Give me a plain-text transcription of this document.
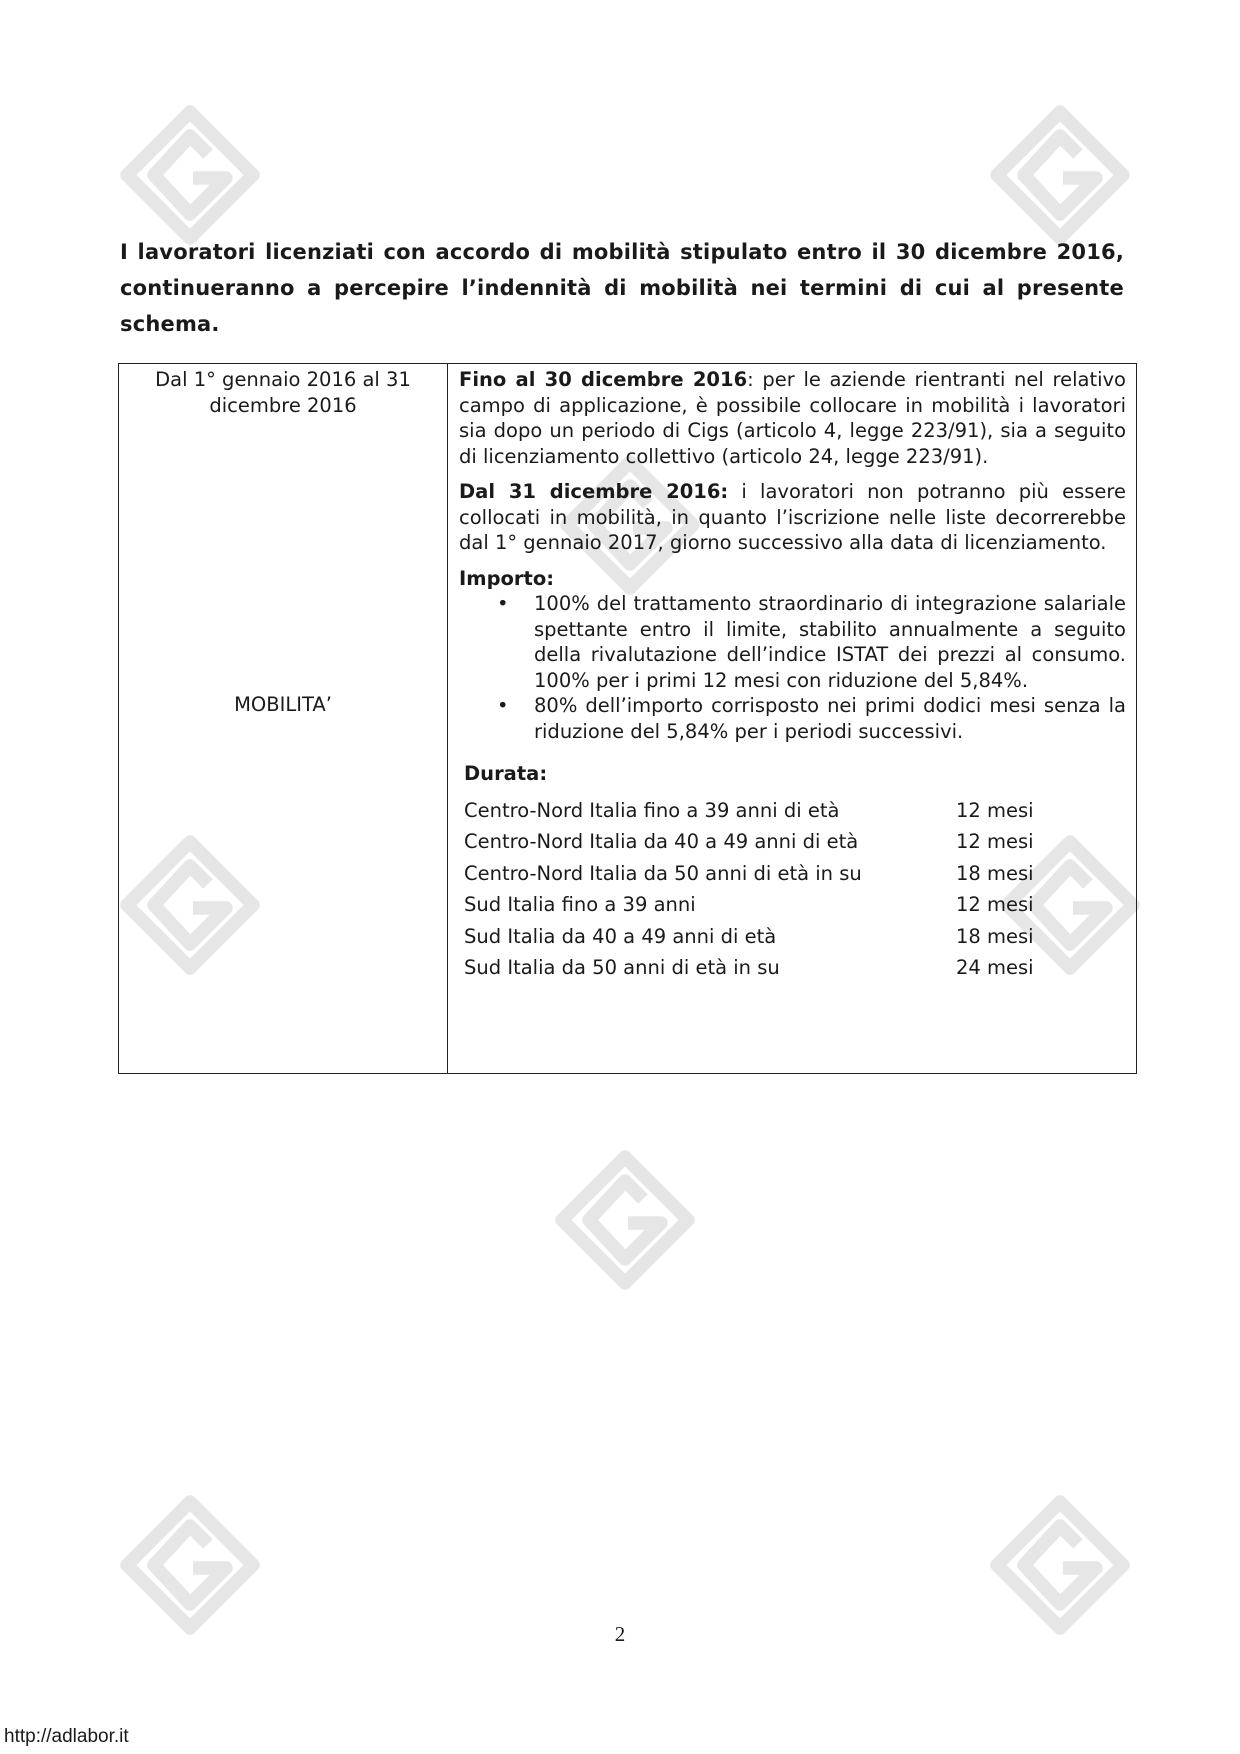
I lavoratori licenziati con accordo di mobilità stipulato entro il 30 dicembre 2016,

continueranno a percepire l’indennità di mobilità nei termini di cui al presente schema.

Dal 1° gennaio 2016 al 31 dicembre 2016
MOBILITA’

Fino al 30 dicembre 2016: per le aziende rientranti nel relativo campo di applicazione, è possibile collocare in mobilità i lavoratori sia dopo un periodo di Cigs (articolo 4, legge 223/91), sia a seguito di licenziamento collettivo (articolo 24, legge 223/91).

Dal 31 dicembre 2016: i lavoratori non potranno più essere collocati in mobilità, in quanto l’iscrizione nelle liste decorrerebbe dal 1° gennaio 2017, giorno successivo alla data di licenziamento.

Importo:

• 100% del trattamento straordinario di integrazione salariale spettante entro il limite, stabilito annualmente a seguito della rivalutazione dell’indice ISTAT dei prezzi al consumo. 100% per i primi 12 mesi con riduzione del 5,84%.
• 80% dell’importo corrisposto nei primi dodici mesi senza la riduzione del 5,84% per i periodi successivi.

Durata:

Centro-Nord Italia fino a 39 anni di età	12 mesi
Centro-Nord Italia da 40 a 49 anni di età	12 mesi
Centro-Nord Italia da 50 anni di età in su	18 mesi
Sud Italia fino a 39 anni	12 mesi
Sud Italia da 40 a 49 anni di età	18 mesi
Sud Italia da 50 anni di età in su	24 mesi
2
http://adlabor.it
